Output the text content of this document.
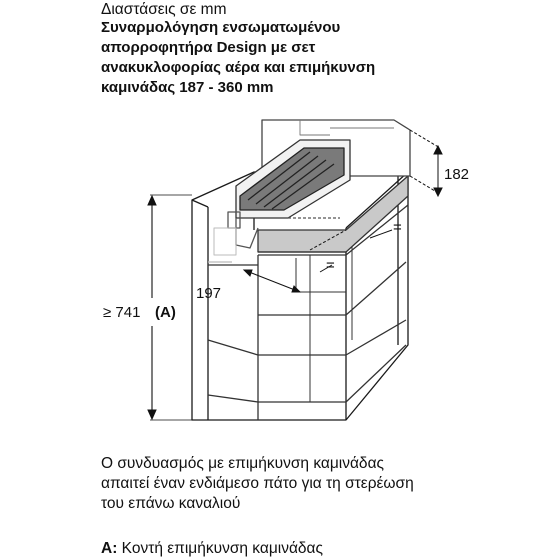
Διαστάσεις σε mm
Συναρμολόγηση ενσωματωμένου
απορροφητήρα Design με σετ
ανακυκλοφορίας αέρα και επιμήκυνση
καμινάδας 187 - 360 mm
182
197
=
=
≥ 741 (A)
Ο συνδυασμός με επιμήκυνση καμινάδας
απαιτεί έναν ενδιάμεσο πάτο για τη στερέωση
του επάνω καναλιού
A: Κοντή επιμήκυνση καμινάδας
